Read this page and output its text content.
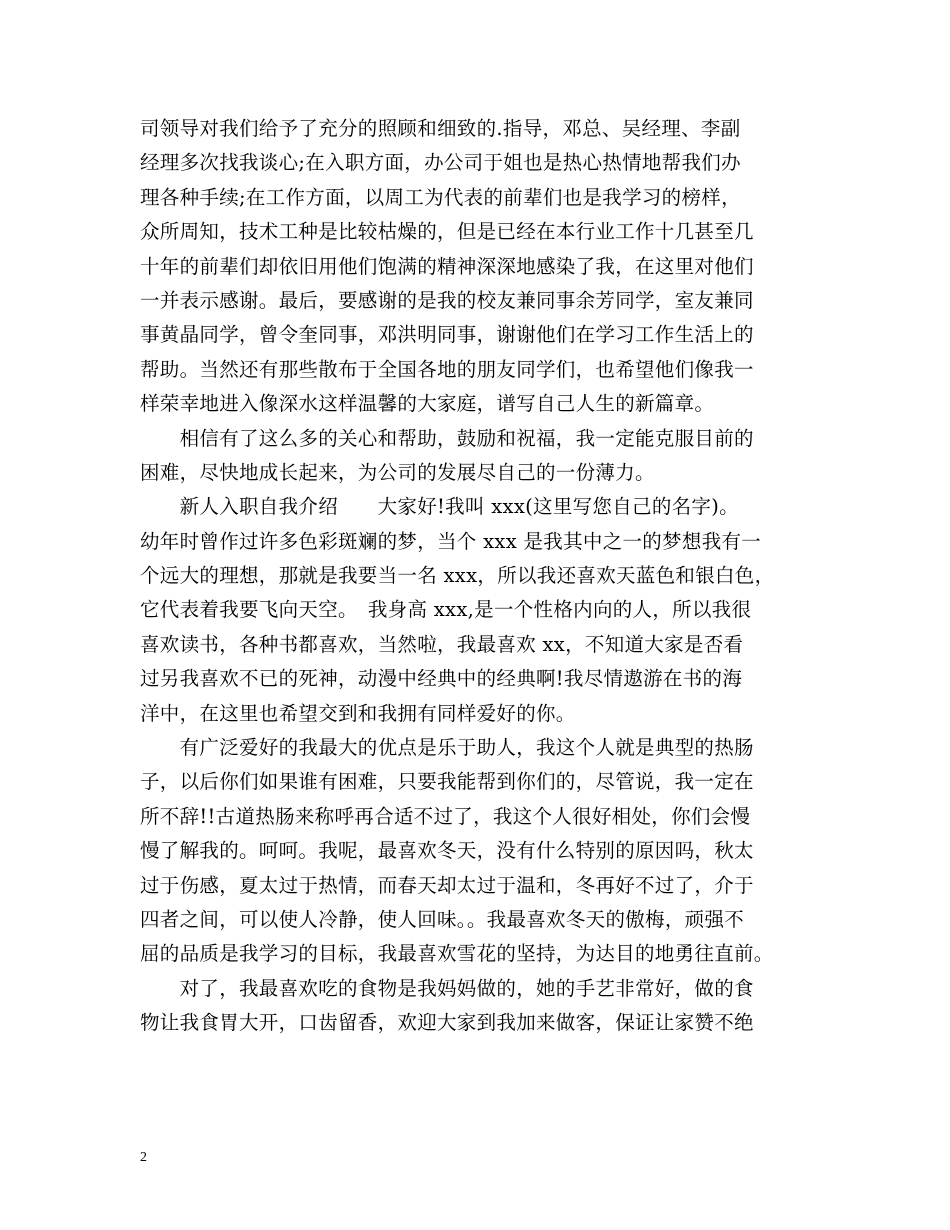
司领导对我们给予了充分的照顾和细致的.指导，邓总、吴经理、李副
经理多次找我谈心;在入职方面，办公司于姐也是热心热情地帮我们办
理各种手续;在工作方面，以周工为代表的前辈们也是我学习的榜样，
众所周知，技术工种是比较枯燥的，但是已经在本行业工作十几甚至几
十年的前辈们却依旧用他们饱满的精神深深地感染了我，在这里对他们
一并表示感谢。最后，要感谢的是我的校友兼同事余芳同学，室友兼同
事黄晶同学，曾令奎同事，邓洪明同事，谢谢他们在学习工作生活上的
帮助。当然还有那些散布于全国各地的朋友同学们，也希望他们像我一
样荣幸地进入像深水这样温馨的大家庭，谱写自己人生的新篇章。
　　相信有了这么多的关心和帮助，鼓励和祝福，我一定能克服目前的
困难，尽快地成长起来，为公司的发展尽自己的一份薄力。
　　新人入职自我介绍　　大家好!我叫 xxx(这里写您自己的名字)。
幼年时曾作过许多色彩斑斓的梦，当个 xxx 是我其中之一的梦想我有一
个远大的理想，那就是我要当一名 xxx，所以我还喜欢天蓝色和银白色，
它代表着我要飞向天空。　我身高 xxx,是一个性格内向的人，所以我很
喜欢读书，各种书都喜欢，当然啦，我最喜欢 xx，不知道大家是否看
过另我喜欢不已的死神，动漫中经典中的经典啊!我尽情遨游在书的海
洋中，在这里也希望交到和我拥有同样爱好的你。
　　有广泛爱好的我最大的优点是乐于助人，我这个人就是典型的热肠
子，以后你们如果谁有困难，只要我能帮到你们的，尽管说，我一定在
所不辞!!古道热肠来称呼再合适不过了，我这个人很好相处，你们会慢
慢了解我的。呵呵。我呢，最喜欢冬天，没有什么特别的原因吗，秋太
过于伤感，夏太过于热情，而春天却太过于温和，冬再好不过了，介于
四者之间，可以使人冷静，使人回味。。我最喜欢冬天的傲梅，顽强不
屈的品质是我学习的目标，我最喜欢雪花的坚持，为达目的地勇往直前。
　　对了，我最喜欢吃的食物是我妈妈做的，她的手艺非常好，做的食
物让我食胃大开，口齿留香，欢迎大家到我加来做客，保证让家赞不绝
2
